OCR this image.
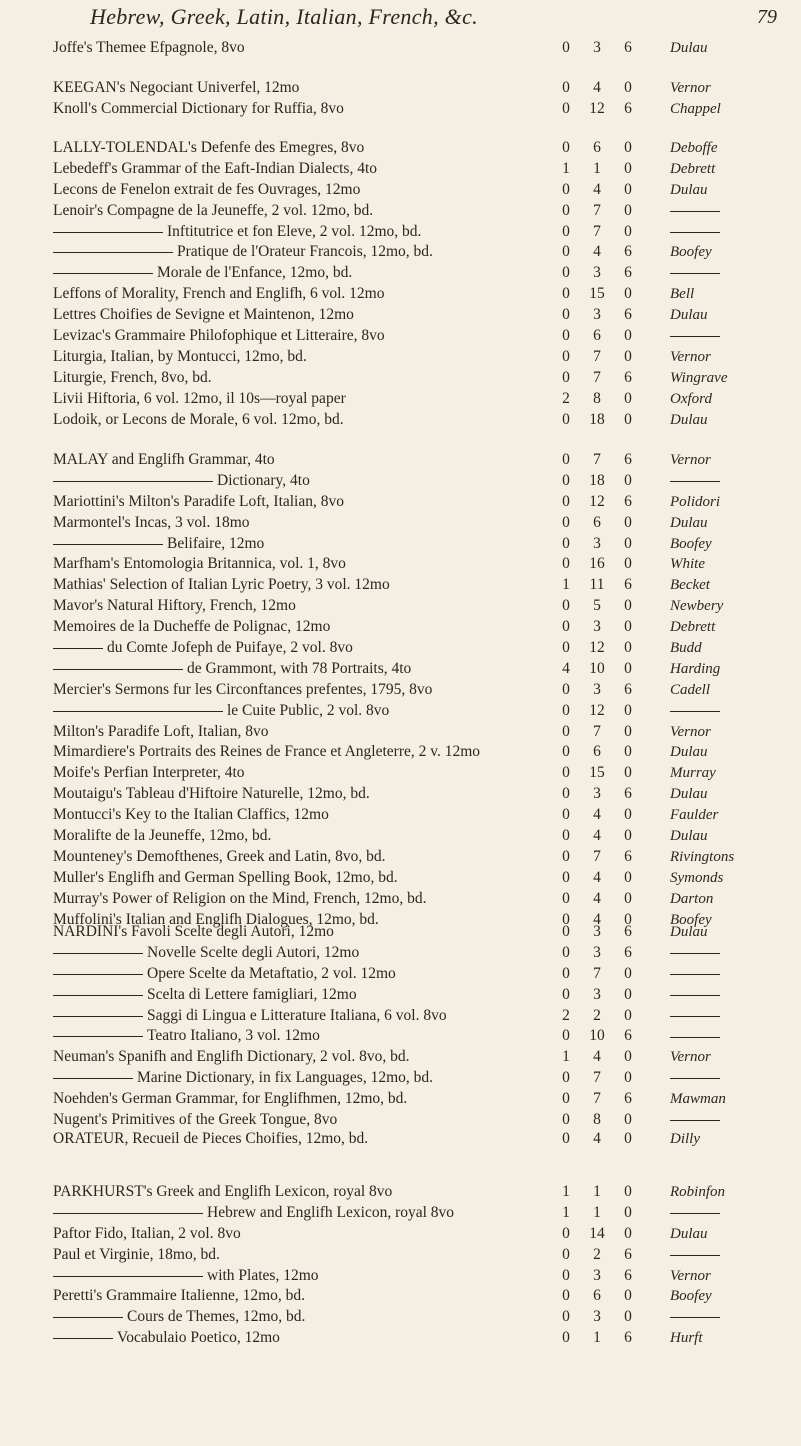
Hebrew, Greek, Latin, Italian, French, &c.	79
Joffe's Themee Efpagnole, 8vo	0 3 6	Dulau
KEEGAN's Negociant Univerfel, 12mo	0 4 0	Vernor
Knoll's Commercial Dictionary for Ruffia, 8vo	0 12 6	Chappel
LALLY-TOLENDAL's Defenfe des Emegres, 8vo	0 6 0	Deboffe
Lebedeff's Grammar of the Eaft-Indian Dialects, 4to	1 1 0	Debrett
Lecons de Fenelon extrait de fes Ouvrages, 12mo	0 4 0	Dulau
Lenoir's Compagne de la Jeuneffe, 2 vol. 12mo, bd.	0 7 0
Inftitutrice et fon Eleve, 2 vol. 12mo, bd.	0 7 0
Pratique de l'Orateur Francois, 12mo, bd.	0 4 6	Boofey
Morale de l'Enfance, 12mo, bd.	0 3 6
Leffons of Morality, French and Englifh, 6 vol. 12mo	0 15 0	Bell
Lettres Choifies de Sevigne et Maintenon, 12mo	0 3 6	Dulau
Levizac's Grammaire Philofophique et Litteraire, 8vo	0 6 0
Liturgia, Italian, by Montucci, 12mo, bd.	0 7 0	Vernor
Liturgie, French, 8vo, bd.	0 7 6	Wingrave
Livii Hiftoria, 6 vol. 12mo, il 10s—royal paper	2 8 0	Oxford
Lodoik, or Lecons de Morale, 6 vol. 12mo, bd.	0 18 0	Dulau
MALAY and Englifh Grammar, 4to	0 7 6	Vernor
Dictionary, 4to	0 18 0
Mariottini's Milton's Paradife Loft, Italian, 8vo	0 12 6	Polidori
Marmontel's Incas, 3 vol. 18mo	0 6 0	Dulau
Belifaire, 12mo	0 3 0	Boofey
Marfham's Entomologia Britannica, vol. 1, 8vo	0 16 0	White
Mathias' Selection of Italian Lyric Poetry, 3 vol. 12mo	1 11 6	Becket
Mavor's Natural Hiftory, French, 12mo	0 5 0	Newbery
Memoires de la Ducheffe de Polignac, 12mo	0 3 0	Debrett
du Comte Jofeph de Puifaye, 2 vol. 8vo	0 12 0	Budd
de Grammont, with 78 Portraits, 4to	4 10 0	Harding
Mercier's Sermons fur les Circonftances prefentes, 1795, 8vo	0 3 6	Cadell
le Cuite Public, 2 vol. 8vo	0 12 0
Milton's Paradife Loft, Italian, 8vo	0 7 0	Vernor
Mimardiere's Portraits des Reines de France et Angleterre, 2 v. 12mo	0 6 0	Dulau
Moife's Perfian Interpreter, 4to	0 15 0	Murray
Moutaigu's Tableau d'Hiftoire Naturelle, 12mo, bd.	0 3 6	Dulau
Montucci's Key to the Italian Claffics, 12mo	0 4 0	Faulder
Moralifte de la Jeuneffe, 12mo, bd.	0 4 0	Dulau
Mounteney's Demofthenes, Greek and Latin, 8vo, bd.	0 7 6	Rivingtons
Muller's Englifh and German Spelling Book, 12mo, bd.	0 4 0	Symonds
Murray's Power of Religion on the Mind, French, 12mo, bd.	0 4 0	Darton
Muffolini's Italian and Englifh Dialogues, 12mo, bd.	0 4 0	Boofey
NARDINI's Favoli Scelte degli Autori, 12mo	0 3 6	Dulau
Novelle Scelte degli Autori, 12mo	0 3 6
Opere Scelte da Metaftatio, 2 vol. 12mo	0 7 0
Scelta di Lettere famigliari, 12mo	0 3 0
Saggi di Lingua e Litterature Italiana, 6 vol. 8vo	2 2 0
Teatro Italiano, 3 vol. 12mo	0 10 6
Neuman's Spanifh and Englifh Dictionary, 2 vol. 8vo, bd.	1 4 0	Vernor
Marine Dictionary, in fix Languages, 12mo, bd.	0 7 0
Noehden's German Grammar, for Englifhmen, 12mo, bd.	0 7 6	Mawman
Nugent's Primitives of the Greek Tongue, 8vo	0 8 0
ORATEUR, Recueil de Pieces Choifies, 12mo, bd.	0 4 0	Dilly
PARKHURST's Greek and Englifh Lexicon, royal 8vo	1 1 0	Robinfon
Hebrew and Englifh Lexicon, royal 8vo	1 1 0
Paftor Fido, Italian, 2 vol. 8vo	0 14 0	Dulau
Paul et Virginie, 18mo, bd.	0 2 6
with Plates, 12mo	0 3 6	Vernor
Peretti's Grammaire Italienne, 12mo, bd.	0 6 0	Boofey
Cours de Themes, 12mo, bd.	0 3 0
Vocabulaio Poetico, 12mo	0 1 6	Hurft
